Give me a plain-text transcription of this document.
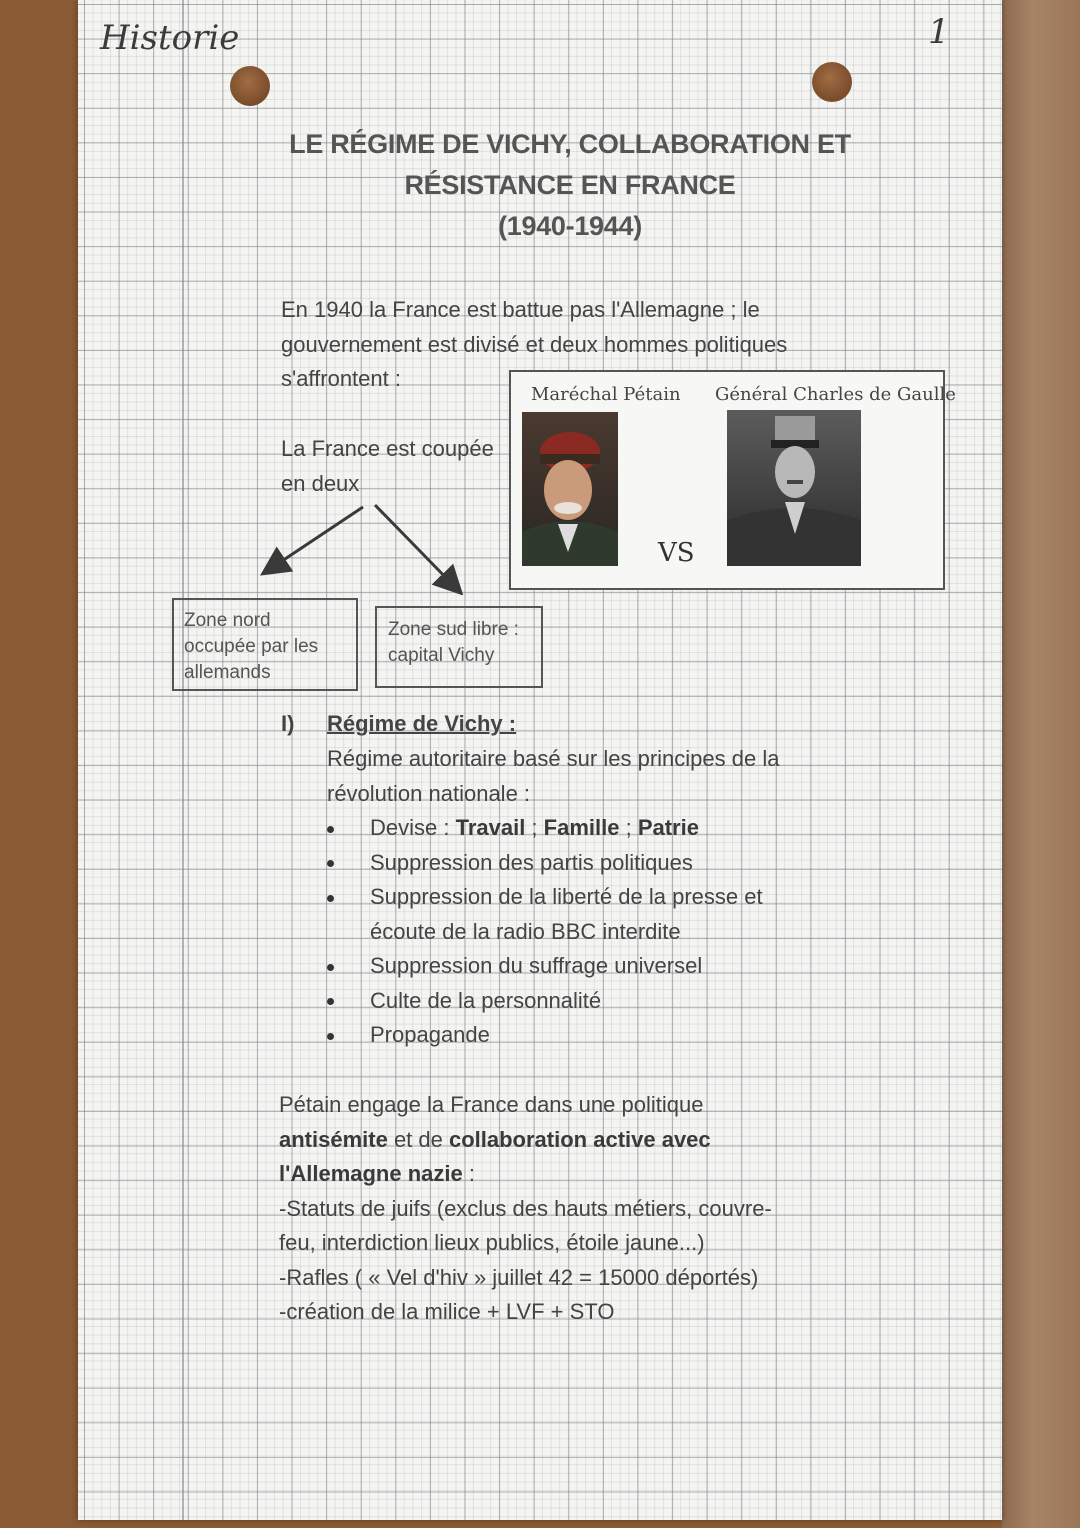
Historie	1
LE RÉGIME DE VICHY, COLLABORATION ET
RÉSISTANCE EN FRANCE
(1940-1944)
En 1940 la France est battue pas l'Allemagne ; le
gouvernement est divisé et deux hommes politiques
s'affrontent :
La France est coupée
en deux
Zone nord
occupée par les
allemands
Zone sud libre :
capital Vichy
Maréchal Pétain Général Charles de Gaulle
VS
I) Régime de Vichy :
Régime autoritaire basé sur les principes de la
révolution nationale :
Devise : Travail ; Famille ; Patrie
Suppression des partis politiques
Suppression de la liberté de la presse et
écoute de la radio BBC interdite
Suppression du suffrage universel
Culte de la personnalité
Propagande
Pétain engage la France dans une politique
antisémite et de collaboration active avec
l'Allemagne nazie :
-Statuts de juifs (exclus des hauts métiers, couvre-
feu, interdiction lieux publics, étoile jaune...)
-Rafles ( « Vel d'hiv » juillet 42 = 15000 déportés)
-création de la milice + LVF + STO
